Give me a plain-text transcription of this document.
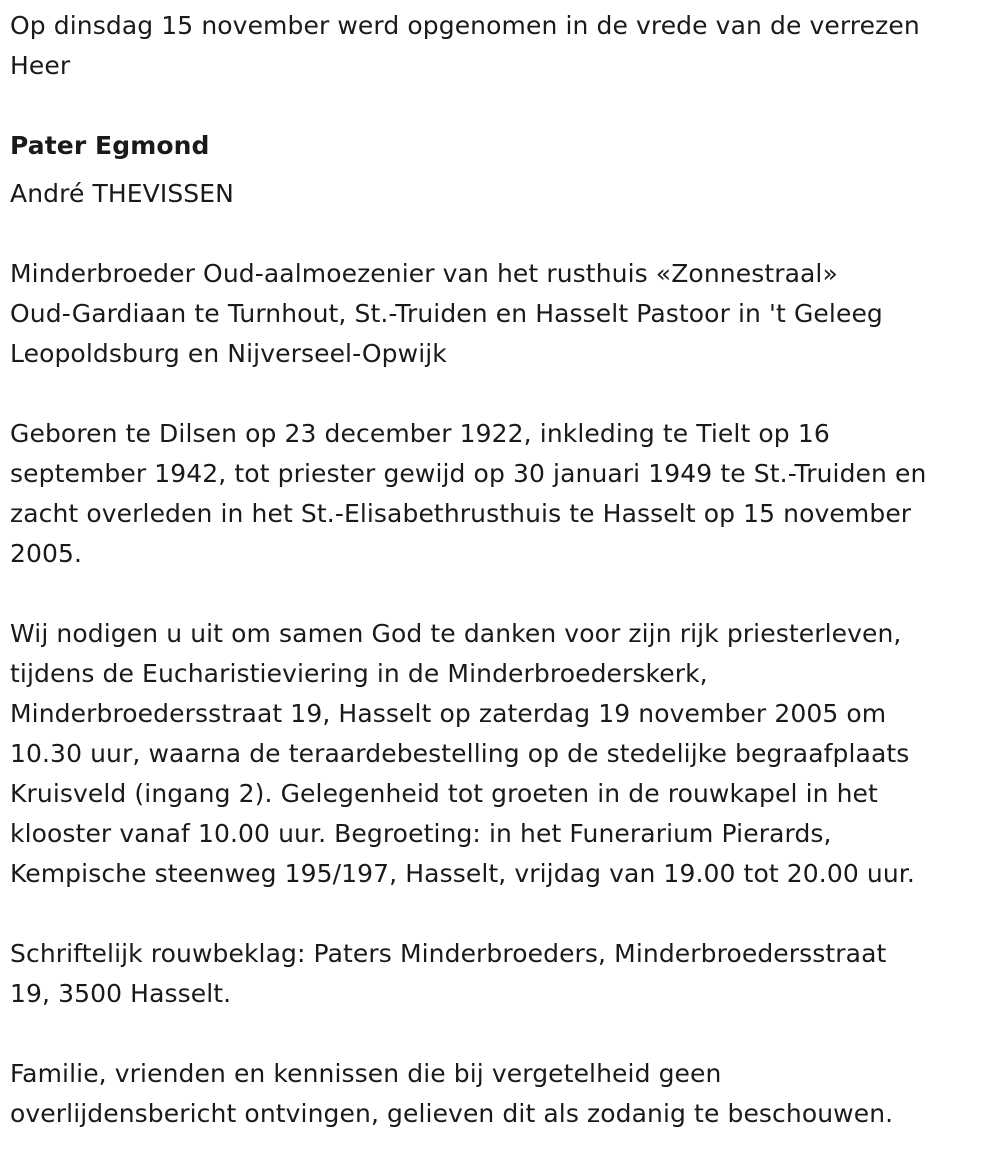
Op dinsdag 15 november werd opgenomen in de vrede van de verrezen

Heer

Pater Egmond

André THEVISSEN

Minderbroeder Oud-aalmoezenier van het rusthuis «Zonnestraal»

Oud-Gardiaan te Turnhout, St.-Truiden en Hasselt Pastoor in 't Geleeg

Leopoldsburg en Nijverseel-Opwijk

Geboren te Dilsen op 23 december 1922, inkleding te Tielt op 16

september 1942, tot priester gewijd op 30 januari 1949 te St.-Truiden en

zacht overleden in het St.-Elisabethrusthuis te Hasselt op 15 november

2005.

Wij nodigen u uit om samen God te danken voor zijn rijk priesterleven,

tijdens de Eucharistieviering in de Minderbroederskerk,

Minderbroedersstraat 19, Hasselt op zaterdag 19 november 2005 om

10.30 uur, waarna de teraardebestelling op de stedelijke begraafplaats

Kruisveld (ingang 2). Gelegenheid tot groeten in de rouwkapel in het

klooster vanaf 10.00 uur. Begroeting: in het Funerarium Pierards,

Kempische steenweg 195/197, Hasselt, vrijdag van 19.00 tot 20.00 uur.

Schriftelijk rouwbeklag: Paters Minderbroeders, Minderbroedersstraat

19, 3500 Hasselt.

Familie, vrienden en kennissen die bij vergetelheid geen

overlijdensbericht ontvingen, gelieven dit als zodanig te beschouwen.
